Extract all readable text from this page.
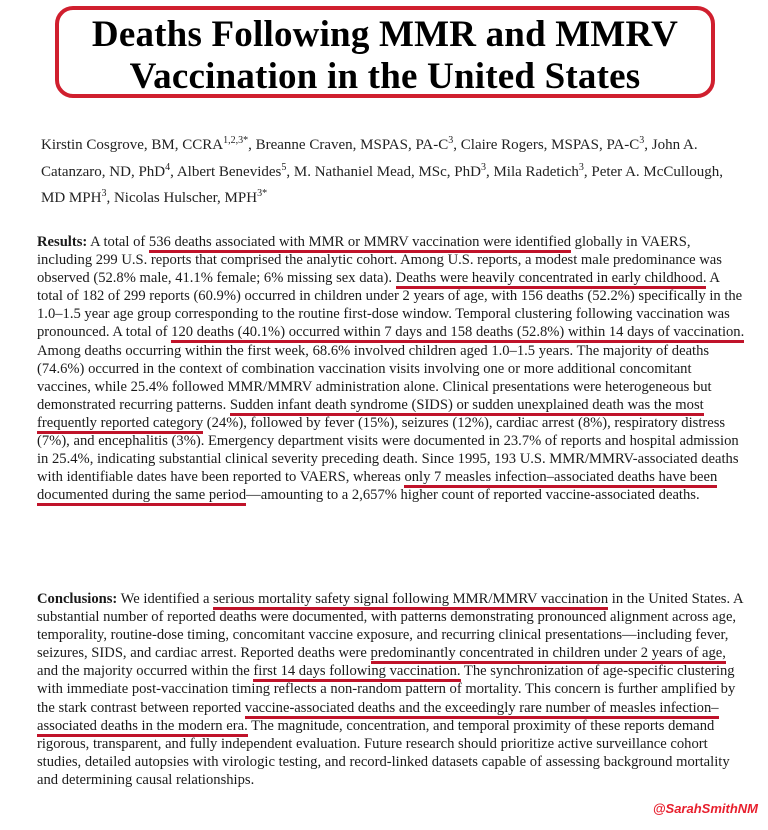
Deaths Following MMR and MMRV
Vaccination in the United States
Kirstin Cosgrove, BM, $CCRA^{1,2,3*}$, Breanne Craven, MSPAS, $PA-C^3$, Claire Rogers, MSPAS, $PA-C^3$, John A. Catanzaro, ND, PhD$^4$, Albert Benevides$^5$, M. Nathaniel Mead, MSc, PhD$^3$, Mila Radetich$^3$, Peter A. McCullough, MD MPH$^3$, Nicolas Hulscher, $MPH^{3*}$
Results: A total of 536 deaths associated with MMR or MMRV vaccination were identified globally in VAERS, including 299 U.S. reports that comprised the analytic cohort. Among U.S. reports, a modest male predominance was observed (52.8% male, 41.1% female; 6% missing sex data). Deaths were heavily concentrated in early childhood. A total of 182 of 299 reports (60.9%) occurred in children under 2 years of age, with 156 deaths (52.2%) specifically in the 1.0–1.5 year age group corresponding to the routine first-dose window. Temporal clustering following vaccination was pronounced. A total of 120 deaths (40.1%) occurred within 7 days and 158 deaths (52.8%) within 14 days of vaccination. Among deaths occurring within the first week, 68.6% involved children aged 1.0–1.5 years. The majority of deaths (74.6%) occurred in the context of combination vaccination visits involving one or more additional concomitant vaccines, while 25.4% followed MMR/MMRV administration alone. Clinical presentations were heterogeneous but demonstrated recurring patterns. Sudden infant death syndrome (SIDS) or sudden unexplained death was the most frequently reported category (24%), followed by fever (15%), seizures (12%), cardiac arrest (8%), respiratory distress (7%), and encephalitis (3%). Emergency department visits were documented in 23.7% of reports and hospital admission in 25.4%, indicating substantial clinical severity preceding death. Since 1995, 193 U.S. MMR/MMRV-associated deaths with identifiable dates have been reported to VAERS, whereas only 7 measles infection–associated deaths have been documented during the same period—amounting to a 2,657% higher count of reported vaccine-associated deaths.
Conclusions: We identified a serious mortality safety signal following MMR/MMRV vaccination in the United States. A substantial number of reported deaths were documented, with patterns demonstrating pronounced alignment across age, temporality, routine-dose timing, concomitant vaccine exposure, and recurring clinical presentations—including fever, seizures, SIDS, and cardiac arrest. Reported deaths were predominantly concentrated in children under 2 years of age, and the majority occurred within the first 14 days following vaccination. The synchronization of age-specific clustering with immediate post-vaccination timing reflects a non-random pattern of mortality. This concern is further amplified by the stark contrast between reported vaccine-associated deaths and the exceedingly rare number of measles infection–associated deaths in the modern era. The magnitude, concentration, and temporal proximity of these reports demand rigorous, transparent, and fully independent evaluation. Future research should prioritize active surveillance cohort studies, detailed autopsies with virologic testing, and record-linked datasets capable of assessing background mortality and determining causal relationships.
@SarahSmithNM
